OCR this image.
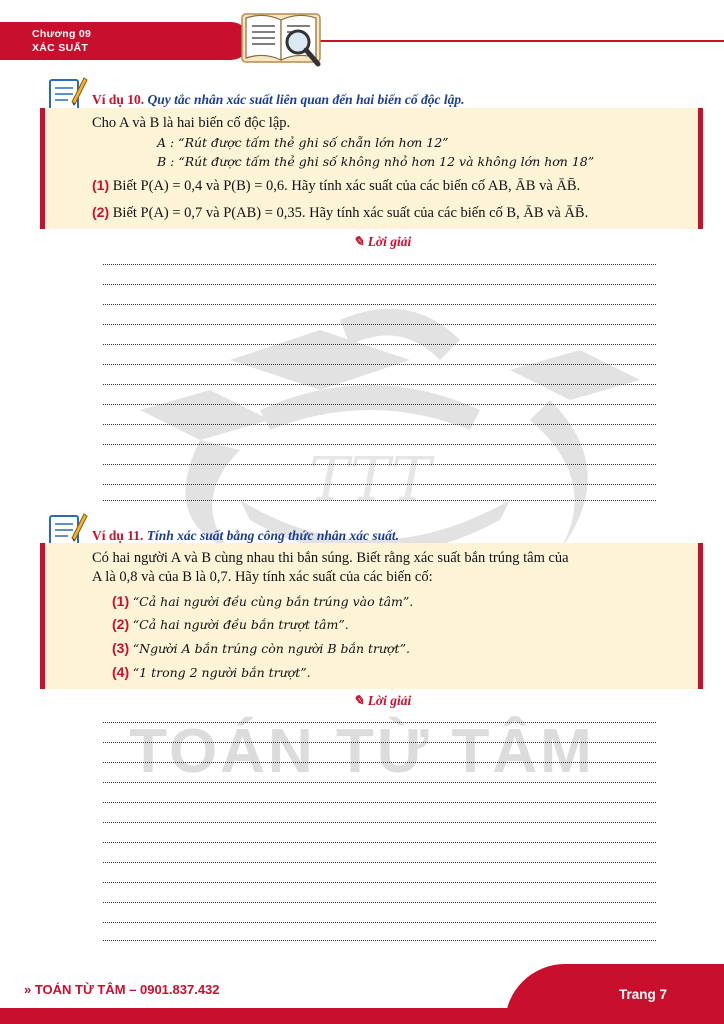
Chương 09
XÁC SUẤT
TTT
TOÁN TỪ TÂM
Ví dụ 10. Quy tắc nhân xác suất liên quan đến hai biến cố độc lập.
Cho A và B là hai biến cố độc lập.
A : “Rút được tấm thẻ ghi số chẵn lớn hơn 12”
B : “Rút được tấm thẻ ghi số không nhỏ hơn 12 và không lớn hơn 18”
(1) Biết P(A) = 0,4 và P(B) = 0,6. Hãy tính xác suất của các biến cố AB, ĀB và ĀB̄.
(2) Biết P(A) = 0,7 và P(AB) = 0,35. Hãy tính xác suất của các biến cố B, ĀB và ĀB̄.
✎ Lời giải
Ví dụ 11. Tính xác suất bằng công thức nhân xác suất.
Có hai người A và B cùng nhau thi bắn súng. Biết rằng xác suất bắn trúng tâm của
A là 0,8 và của B là 0,7. Hãy tính xác suất của các biến cố:
(1) “Cả hai người đều cùng bắn trúng vào tâm”.
(2) “Cả hai người đều bắn trượt tâm”.
(3) “Người A bắn trúng còn người B bắn trượt”.
(4) “1 trong 2 người bắn trượt”.
✎ Lời giải
» TOÁN TỪ TÂM – 0901.837.432	Trang 7
